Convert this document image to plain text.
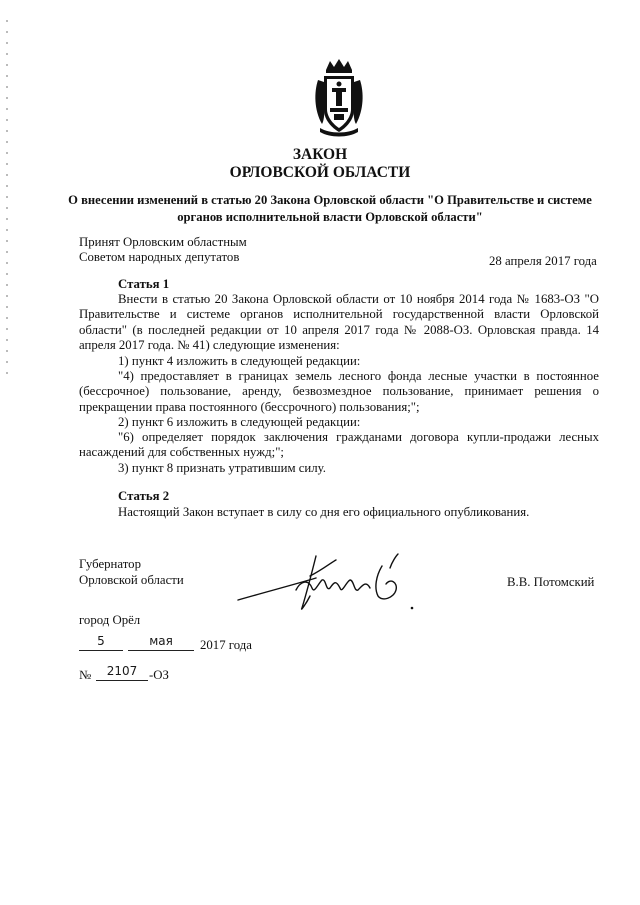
ЗАКОН
ОРЛОВСКОЙ ОБЛАСТИ
О внесении изменений в статью 20 Закона Орловской области "О Правительстве и системе органов исполнительной власти Орловской области"
Принят Орловским областным
Советом народных депутатов	28 апреля 2017 года
Статья 1
Внести в статью 20 Закона Орловской области от 10 ноября 2014 года № 1683-ОЗ "О Правительстве и системе органов исполнительной государственной власти Орловской области" (в последней редакции от 10 апреля 2017 года № 2088-ОЗ. Орловская правда. 14 апреля 2017 года. № 41) следующие изменения:
1) пункт 4 изложить в следующей редакции:
"4) предоставляет в границах земель лесного фонда лесные участки в постоянное (бессрочное) пользование, аренду, безвозмездное пользование, принимает решения о прекращении права постоянного (бессрочного) пользования;";
2) пункт 6 изложить в следующей редакции:
"6) определяет порядок заключения гражданами договора купли-продажи лесных насаждений для собственных нужд;";
3) пункт 8 признать утратившим силу.
Статья 2
Настоящий Закон вступает в силу со дня его официального опубликования.
Губернатор
Орловской области	В.В. Потомский
город Орёл
5	мая	2017 года
№	2107 -ОЗ
